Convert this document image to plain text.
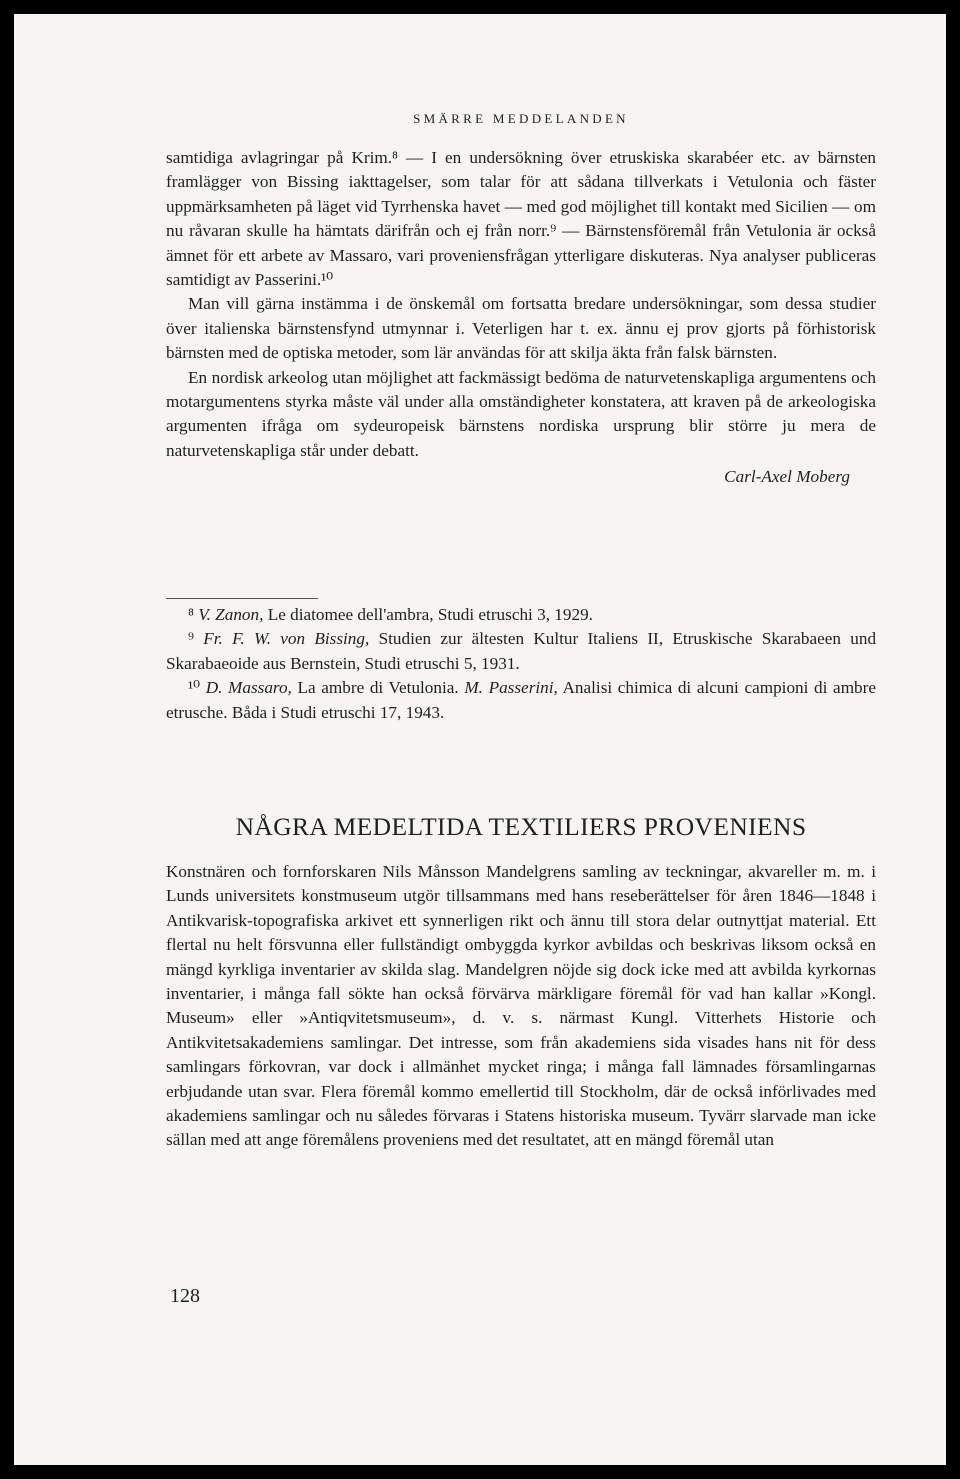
SMÄRRE MEDDELANDEN

samtidiga avlagringar på Krim.⁸ — I en undersökning över etruskiska skarabéer etc. av bärnsten framlägger von Bissing iakttagelser, som talar för att sådana tillverkats i Vetulonia och fäster uppmärksamheten på läget vid Tyrrhenska havet — med god möjlighet till kontakt med Sicilien — om nu råvaran skulle ha hämtats därifrån och ej från norr.⁹ — Bärnstensföremål från Vetulonia är också ämnet för ett arbete av Massaro, vari proveniensfrågan ytterligare diskuteras. Nya analyser publiceras samtidigt av Passerini.¹⁰

Man vill gärna instämma i de önskemål om fortsatta bredare undersökningar, som dessa studier över italienska bärnstensfynd utmynnar i. Veterligen har t. ex. ännu ej prov gjorts på förhistorisk bärnsten med de optiska metoder, som lär användas för att skilja äkta från falsk bärnsten.

En nordisk arkeolog utan möjlighet att fackmässigt bedöma de naturvetenskapliga argumentens och motargumentens styrka måste väl under alla omständigheter konstatera, att kraven på de arkeologiska argumenten ifråga om sydeuropeisk bärnstens nordiska ursprung blir större ju mera de naturvetenskapliga står under debatt.

Carl-Axel Moberg

⁸ V. Zanon, Le diatomee dell'ambra, Studi etruschi 3, 1929.

⁹ Fr. F. W. von Bissing, Studien zur ältesten Kultur Italiens II, Etruskische Skarabaeen und Skarabaeoide aus Bernstein, Studi etruschi 5, 1931.

¹⁰ D. Massaro, La ambre di Vetulonia. M. Passerini, Analisi chimica di alcuni campioni di ambre etrusche. Båda i Studi etruschi 17, 1943.

NÅGRA MEDELTIDA TEXTILIERS PROVENIENS

Konstnären och fornforskaren Nils Månsson Mandelgrens samling av teckningar, akvareller m. m. i Lunds universitets konstmuseum utgör tillsammans med hans reseberättelser för åren 1846—1848 i Antikvarisk-topografiska arkivet ett synnerligen rikt och ännu till stora delar outnyttjat material. Ett flertal nu helt försvunna eller fullständigt ombyggda kyrkor avbildas och beskrivas liksom också en mängd kyrkliga inventarier av skilda slag. Mandelgren nöjde sig dock icke med att avbilda kyrkornas inventarier, i många fall sökte han också förvärva märkligare föremål för vad han kallar »Kongl. Museum» eller »Antiqvitetsmuseum», d. v. s. närmast Kungl. Vitterhets Historie och Antikvitetsakademiens samlingar. Det intresse, som från akademiens sida visades hans nit för dess samlingars förkovran, var dock i allmänhet mycket ringa; i många fall lämnades församlingarnas erbjudande utan svar. Flera föremål kommo emellertid till Stockholm, där de också införlivades med akademiens samlingar och nu således förvaras i Statens historiska museum. Tyvärr slarvade man icke sällan med att ange föremålens proveniens med det resultatet, att en mängd föremål utan

128
